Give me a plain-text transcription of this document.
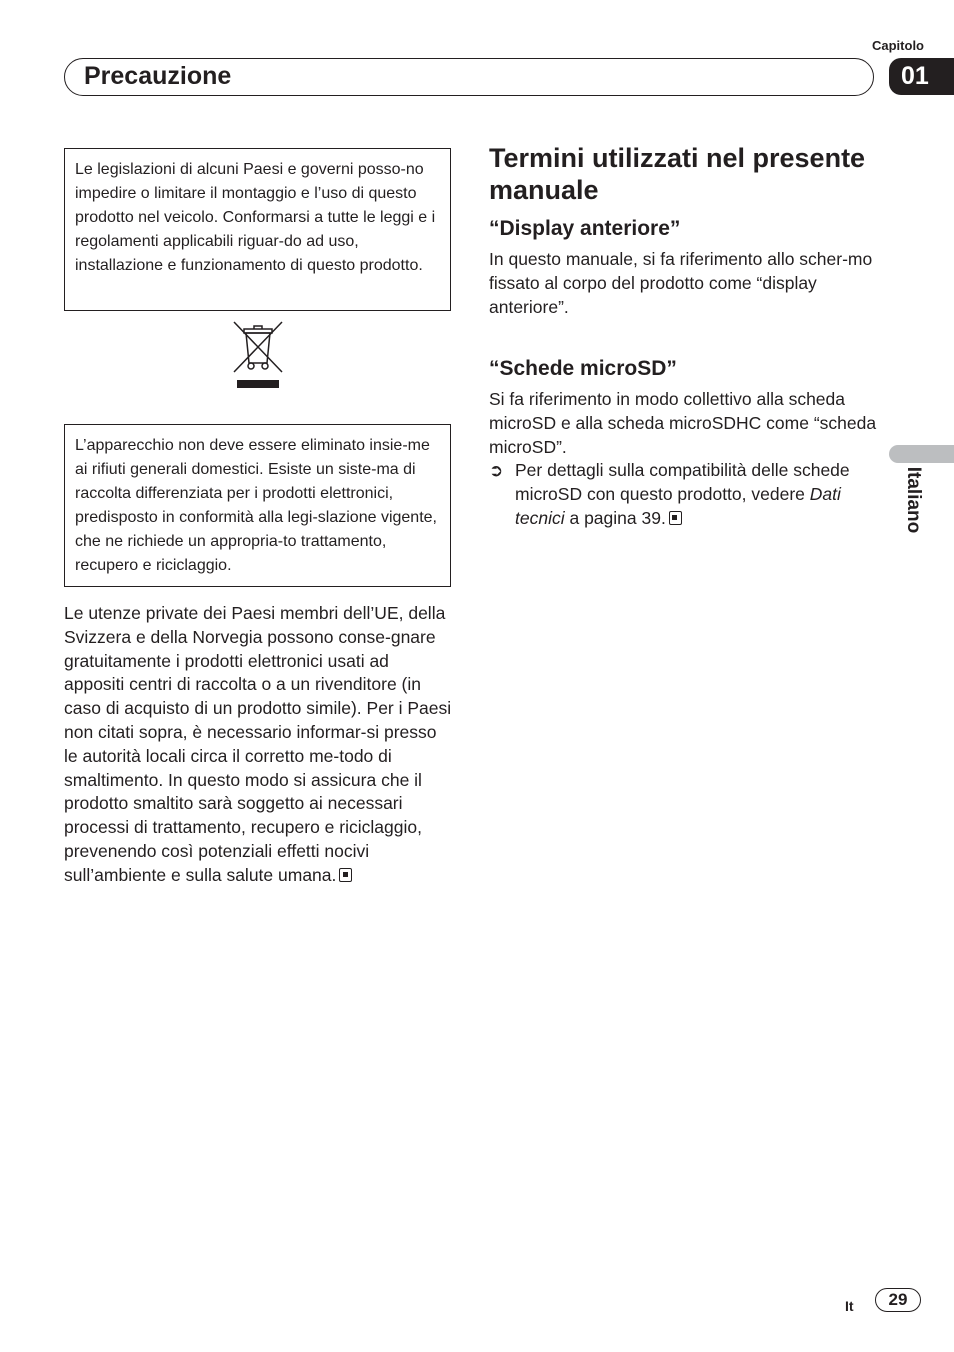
Capitolo
Precauzione	01
Le legislazioni di alcuni Paesi e governi posso-no impedire o limitare il montaggio e l’uso di questo prodotto nel veicolo. Conformarsi a tutte le leggi e i regolamenti applicabili riguar-do ad uso, installazione e funzionamento di questo prodotto.
L’apparecchio non deve essere eliminato insie-me ai rifiuti generali domestici. Esiste un siste-ma di raccolta differenziata per i prodotti elettronici, predisposto in conformità alla legi-slazione vigente, che ne richiede un appropria-to trattamento, recupero e riciclaggio.
Le utenze private dei Paesi membri dell’UE, della Svizzera e della Norvegia possono conse-gnare gratuitamente i prodotti elettronici usati ad appositi centri di raccolta o a un rivenditore (in caso di acquisto di un prodotto simile). Per i Paesi non citati sopra, è necessario informar-si presso le autorità locali circa il corretto me-todo di smaltimento. In questo modo si assicura che il prodotto smaltito sarà soggetto ai necessari processi di trattamento, recupero e riciclaggio, prevenendo così potenziali effetti nocivi sull’ambiente e sulla salute umana.
Termini utilizzati nel presente manuale
“Display anteriore”
In questo manuale, si fa riferimento allo scher-mo fissato al corpo del prodotto come “display anteriore”.
“Schede microSD”
Si fa riferimento in modo collettivo alla scheda microSD e alla scheda microSDHC come “scheda microSD”.
➲ Per dettagli sulla compatibilità delle schede microSD con questo prodotto, vedere Dati tecnici a pagina 39.	Italiano
It	29
